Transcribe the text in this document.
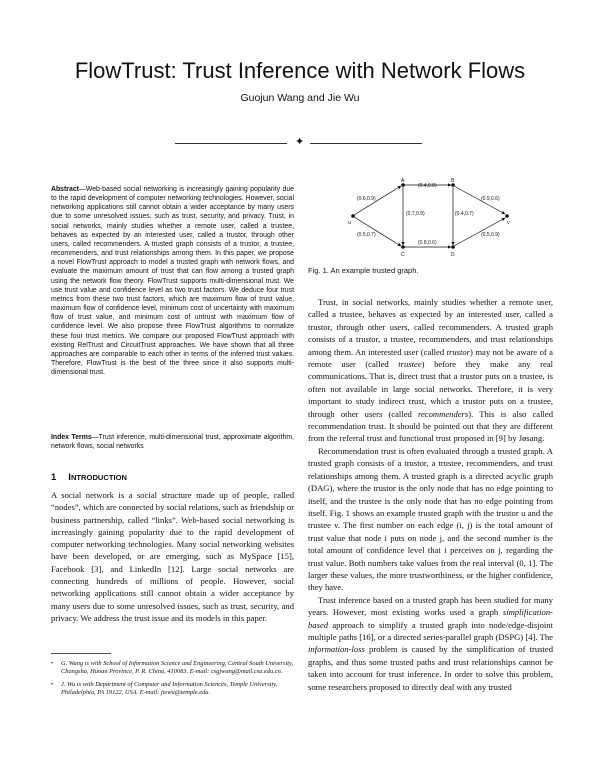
FlowTrust: Trust Inference with Network Flows
Guojun Wang and Jie Wu
✦
Abstract—Web-based social networking is increasingly gaining popularity due to the rapid development of computer networking technologies. However, social networking applications still cannot obtain a wider acceptance by many users due to some unresolved issues, such as trust, security, and privacy. Trust, in social networks, mainly studies whether a remote user, called a trustee, behaves as expected by an interested user, called a trustor, through other users, called recommenders. A trusted graph consists of a trustor, a trustee, recommenders, and trust relationships among them. In this paper, we propose a novel FlowTrust approach to model a trusted graph with network flows, and evaluate the maximum amount of trust that can flow among a trusted graph using the network flow theory. FlowTrust supports multi-dimensional trust. We use trust value and confidence level as two trust factors. We deduce four trust metrics from these two trust factors, which are maximum flow of trust value, maximum flow of confidence level, minimum cost of uncertainty with maximum flow of trust value, and minimum cost of untrust with maximum flow of confidence level. We also propose three FlowTrust algorithms to normalize these four trust metrics. We compare our proposed FlowTrust approach with existing RelTrust and CircuitTrust approaches. We have shown that all three approaches are comparable to each other in terms of the inferred trust values. Therefore, FlowTrust is the best of the three since it also supports multi-dimensional trust.
Index Terms—Trust inference, multi-dimensional trust, approximate algorithm, network flows, social networks
1 INTRODUCTION

A social network is a social structure made up of people, called “nodes”, which are connected by social relations, such as friendship or business partnership, called “links”. Web-based social networking is increasingly gaining popularity due to the rapid development of computer networking technologies. Many social networking websites have been developed, or are emerging, such as MySpace [15], Facebook [3], and LinkedIn [12]. Large social networks are connecting hundreds of millions of people. However, social networking applications still cannot obtain a wider acceptance by many users due to some unresolved issues, such as trust, security, and privacy. We address the trust issue and its models in this paper.

• G. Wang is with School of Information Science and Engineering, Central South University, Changsha, Hunan Province, P. R. China, 410083. E-mail: csgjwang@mail.csu.edu.cn.
• J. Wu is with Department of Computer and Information Sciences, Temple University, Philadelphia, PA 19122, USA. E-mail: jiewu@temple.edu.
A	B
C	D
u	v
(0.4,0.8)
(0.6,0.9)	(0.9,0.6)
(0.7,0.9)	(0.4,0.7)
(0.5,0.7)
(0.8,0.6)
(0.5,0.9)
Fig. 1. An example trusted graph.

Trust, in social networks, mainly studies whether a remote user, called a trustee, behaves as expected by an interested user, called a trustor, through other users, called recommenders. A trusted graph consists of a trustor, a trustee, recommenders, and trust relationships among them. An interested user (called trustor) may not be aware of a remote user (called trustee) before they make any real communications. That is, direct trust that a trustor puts on a trustee, is often not available in large social networks. Therefore, it is very important to study indirect trust, which a trustor puts on a trustee, through other users (called recommenders). This is also called recommendation trust. It should be pointed out that they are different from the referral trust and functional trust proposed in [9] by Jøsang.

Recommendation trust is often evaluated through a trusted graph. A trusted graph consists of a trustor, a trustee, recommenders, and trust relationships among them. A trusted graph is a directed acyclic graph (DAG), where the trustor is the only node that has no edge pointing to itself, and the trustee is the only node that has no edge pointing from itself. Fig. 1 shows an example trusted graph with the trustor u and the trustee v. The first number on each edge (i, j) is the total amount of trust value that node i puts on node j, and the second number is the total amount of confidence level that i perceives on j, regarding the trust value. Both numbers take values from the real interval (0, 1]. The larger these values, the more trustworthiness, or the higher confidence, they have.

Trust inference based on a trusted graph has been studied for many years. However, most existing works used a graph simplification-based approach to simplify a trusted graph into node/edge-disjoint multiple paths [16], or a directed series-parallel graph (DSPG) [4]. The information-loss problem is caused by the simplification of trusted graphs, and thus some trusted paths and trust relationships cannot be taken into account for trust inference. In order to solve this problem, some researchers proposed to directly deal with any trusted
